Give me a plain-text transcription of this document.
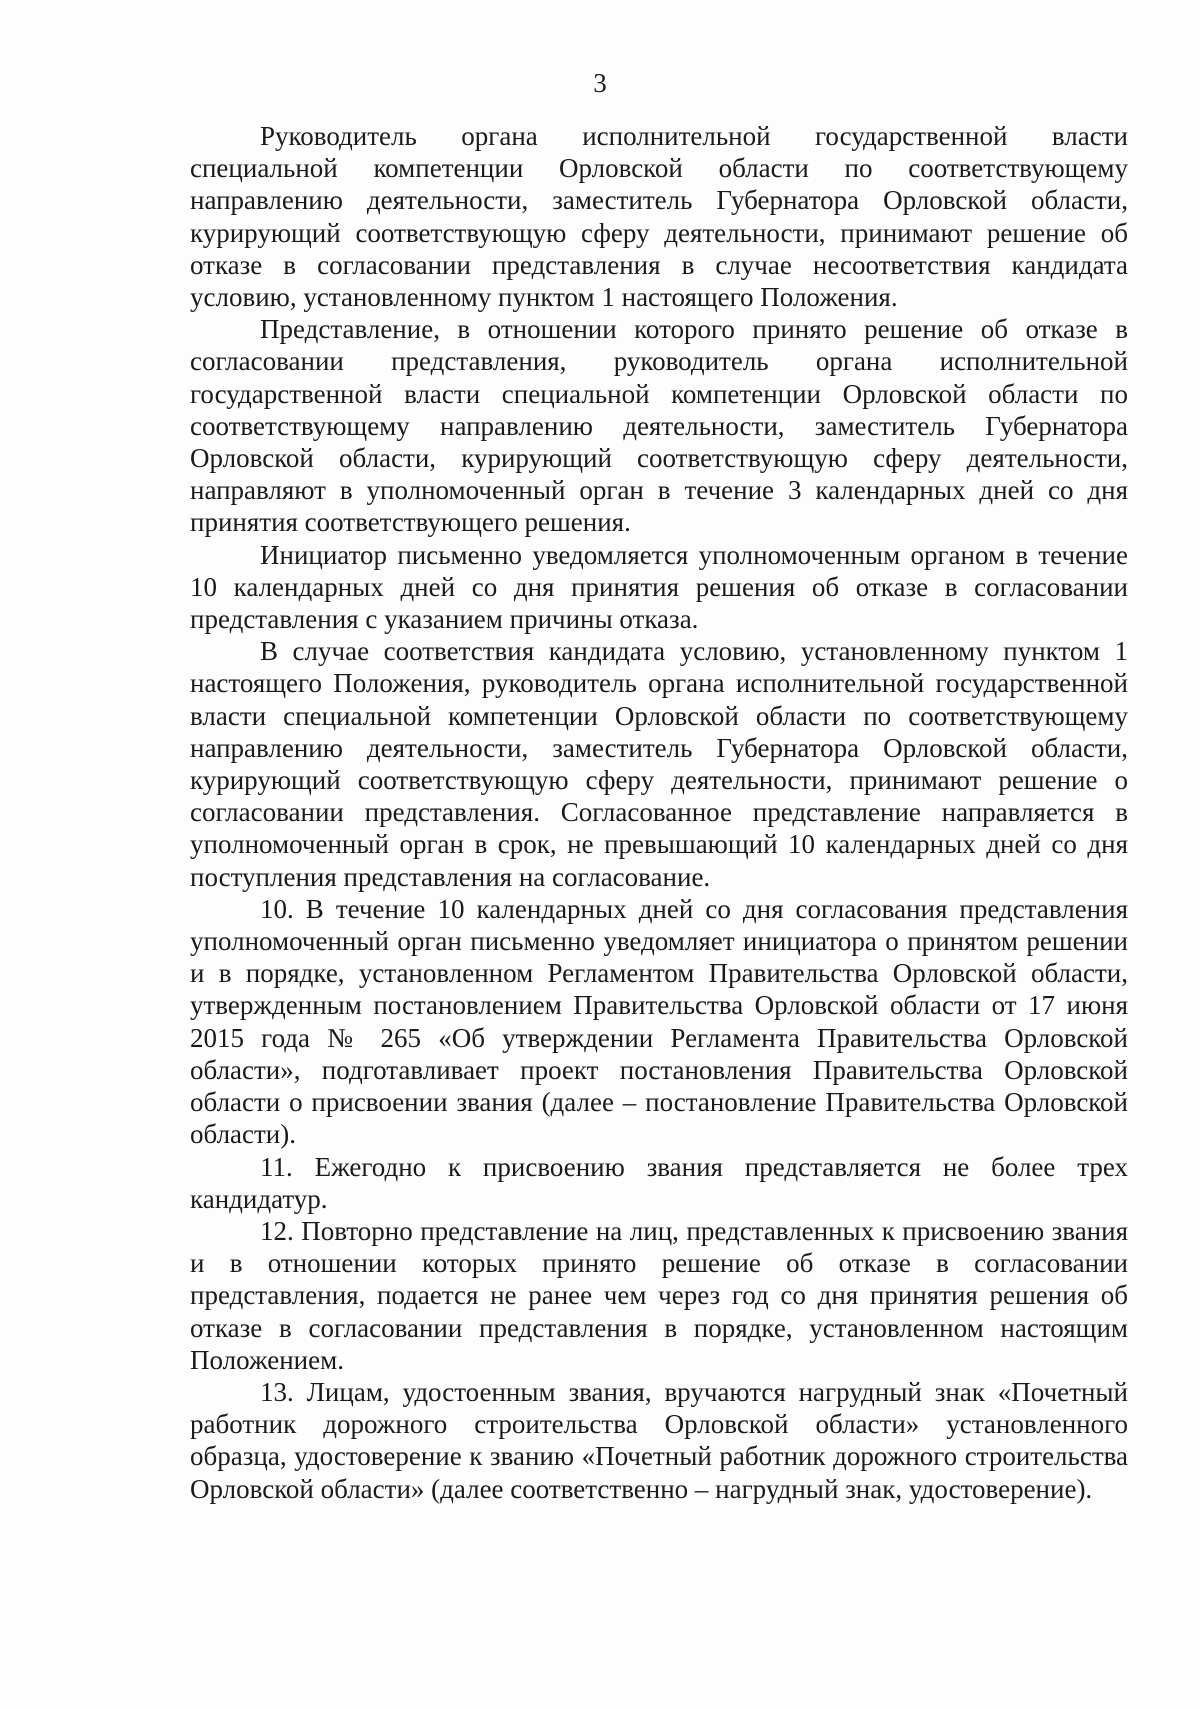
3

Руководитель органа исполнительной государственной власти специальной компетенции Орловской области по соответствующему направлению деятельности, заместитель Губернатора Орловской области, курирующий соответствующую сферу деятельности, принимают решение об отказе в согласовании представления в случае несоответствия кандидата условию, установленному пунктом 1 настоящего Положения.

Представление, в отношении которого принято решение об отказе в согласовании представления, руководитель органа исполнительной государственной власти специальной компетенции Орловской области по соответствующему направлению деятельности, заместитель Губернатора Орловской области, курирующий соответствующую сферу деятельности, направляют в уполномоченный орган в течение 3 календарных дней со дня принятия соответствующего решения.

Инициатор письменно уведомляется уполномоченным органом в течение 10 календарных дней со дня принятия решения об отказе в согласовании представления с указанием причины отказа.

В случае соответствия кандидата условию, установленному пунктом 1 настоящего Положения, руководитель органа исполнительной государственной власти специальной компетенции Орловской области по соответствующему направлению деятельности, заместитель Губернатора Орловской области, курирующий соответствующую сферу деятельности, принимают решение о согласовании представления. Согласованное представление направляется в уполномоченный орган в срок, не превышающий 10 календарных дней со дня поступления представления на согласование.

10. В течение 10 календарных дней со дня согласования представления уполномоченный орган письменно уведомляет инициатора о принятом решении и в порядке, установленном Регламентом Правительства Орловской области, утвержденным постановлением Правительства Орловской области от 17 июня 2015 года № 265 «Об утверждении Регламента Правительства Орловской области», подготавливает проект постановления Правительства Орловской области о присвоении звания (далее – постановление Правительства Орловской области).

11. Ежегодно к присвоению звания представляется не более трех кандидатур.

12. Повторно представление на лиц, представленных к присвоению звания и в отношении которых принято решение об отказе в согласовании представления, подается не ранее чем через год со дня принятия решения об отказе в согласовании представления в порядке, установленном настоящим Положением.

13. Лицам, удостоенным звания, вручаются нагрудный знак «Почетный работник дорожного строительства Орловской области» установленного образца, удостоверение к званию «Почетный работник дорожного строительства Орловской области» (далее соответственно – нагрудный знак, удостоверение).
